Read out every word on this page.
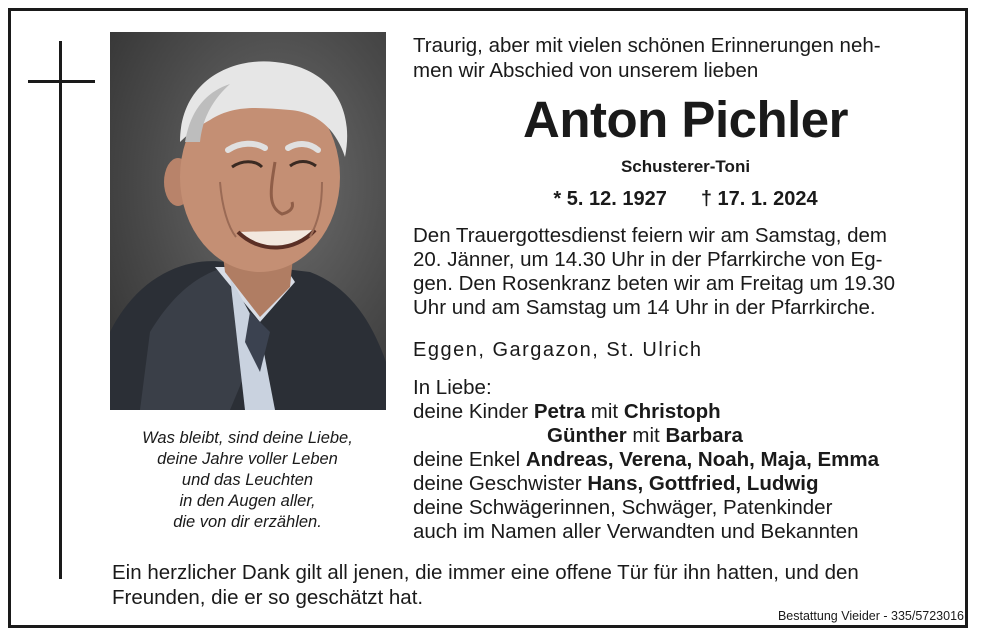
Was bleibt, sind deine Liebe,
deine Jahre voller Leben
und das Leuchten
in den Augen aller,
die von dir erzählen.
Traurig, aber mit vielen schönen Erinnerungen neh-
men wir Abschied von unserem lieben
Anton Pichler
Schusterer-Toni
* 5. 12. 1927 † 17. 1. 2024
Den Trauergottesdienst feiern wir am Samstag, dem
20. Jänner, um 14.30 Uhr in der Pfarrkirche von Eg-
gen. Den Rosenkranz beten wir am Freitag um 19.30
Uhr und am Samstag um 14 Uhr in der Pfarrkirche.
Eggen, Gargazon, St. Ulrich
In Liebe:
deine Kinder Petra mit Christoph
Günther mit Barbara
deine Enkel Andreas, Verena, Noah, Maja, Emma
deine Geschwister Hans, Gottfried, Ludwig
deine Schwägerinnen, Schwäger, Patenkinder
auch im Namen aller Verwandten und Bekannten
Ein herzlicher Dank gilt all jenen, die immer eine offene Tür für ihn hatten, und den
Freunden, die er so geschätzt hat.
Bestattung Vieider - 335/5723016
